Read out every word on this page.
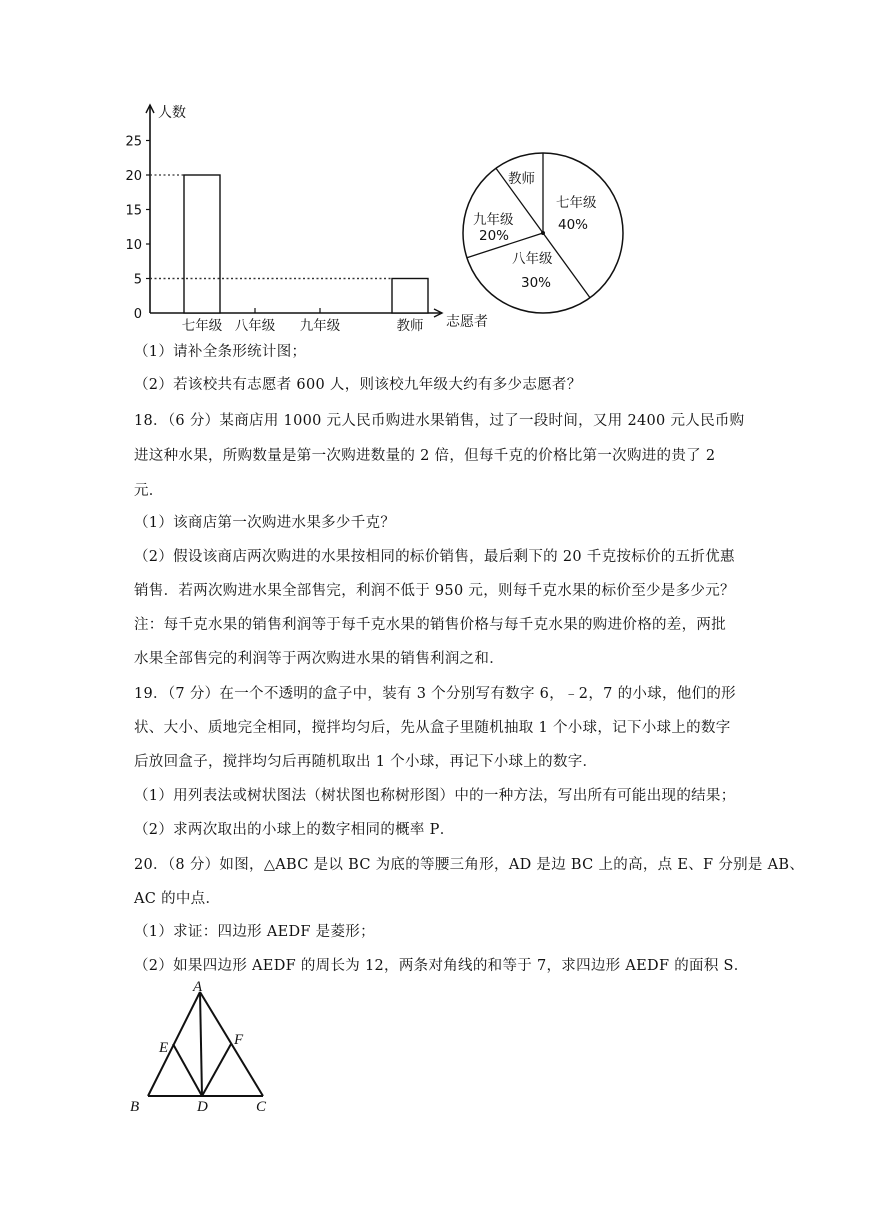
0
5
10
15
20
25
七年级 八年级 九年级	教师
人数
志愿者
七年级
40%
八年级
30%
九年级
20%
教师
（1）请补全条形统计图；
（2）若该校共有志愿者 600 人，则该校九年级大约有多少志愿者？
18．（6 分）某商店用 1000 元人民币购进水果销售，过了一段时间，又用 2400 元人民币购
进这种水果，所购数量是第一次购进数量的 2 倍，但每千克的价格比第一次购进的贵了 2
元．
（1）该商店第一次购进水果多少千克？
（2）假设该商店两次购进的水果按相同的标价销售，最后剩下的 20 千克按标价的五折优惠
销售．若两次购进水果全部售完，利润不低于 950 元，则每千克水果的标价至少是多少元？
注：每千克水果的销售利润等于每千克水果的销售价格与每千克水果的购进价格的差，两批
水果全部售完的利润等于两次购进水果的销售利润之和．
19．（7 分）在一个不透明的盒子中，装有 3 个分别写有数字 6，﹣2，7 的小球，他们的形
状、大小、质地完全相同，搅拌均匀后，先从盒子里随机抽取 1 个小球，记下小球上的数字
后放回盒子，搅拌均匀后再随机取出 1 个小球，再记下小球上的数字．
（1）用列表法或树状图法（树状图也称树形图）中的一种方法，写出所有可能出现的结果；
（2）求两次取出的小球上的数字相同的概率 P．
20．（8 分）如图，△ABC 是以 BC 为底的等腰三角形，AD 是边 BC 上的高，点 E、F 分别是 AB、
AC 的中点．
（1）求证：四边形 AEDF 是菱形；
（2）如果四边形 AEDF 的周长为 12，两条对角线的和等于 7，求四边形 AEDF 的面积 S．
A
B	C
D
E	F
